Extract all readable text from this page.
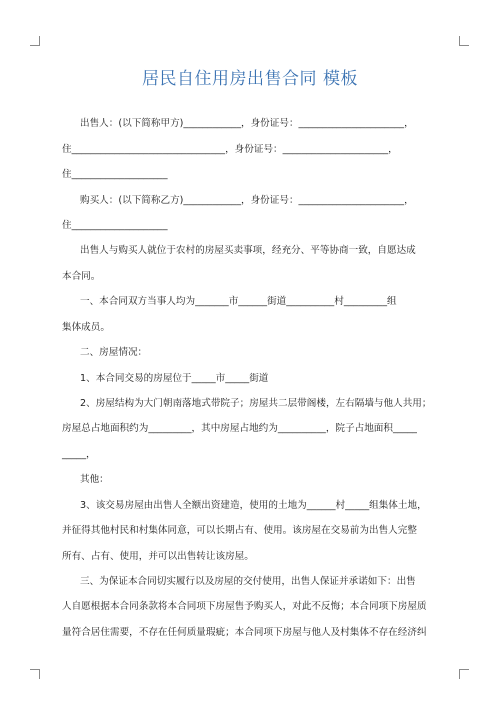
居民自住用房出售合同 模板
出售人：(以下简称甲方)____________，身份证号：______________________，
住________________________________，身份证号：______________________，
住____________________
购买人：(以下简称乙方)____________，身份证号：______________________，
住____________________
出售人与购买人就位于农村的房屋买卖事项，经充分、平等协商一致，自愿达成
本合同。
一、本合同双方当事人均为_______市______街道__________村_________组
集体成员。
二、房屋情况：
1、本合同交易的房屋位于_____市_____街道
2、房屋结构为大门朝南落地式带院子；房屋共二层带阁楼，左右隔墙与他人共用；
房屋总占地面积约为_________，其中房屋占地约为__________，院子占地面积_____
_____，
其他：
3、该交易房屋由出售人全额出资建造，使用的土地为______村_____组集体土地，
并征得其他村民和村集体同意，可以长期占有、使用。该房屋在交易前为出售人完整
所有、占有、使用，并可以出售转让该房屋。
三、为保证本合同切实履行以及房屋的交付使用，出售人保证并承诺如下：出售
人自愿根据本合同条款将本合同项下房屋售予购买人，对此不反悔；本合同项下房屋质
量符合居住需要，不存在任何质量瑕疵；本合同项下房屋与他人及村集体不存在经济纠
